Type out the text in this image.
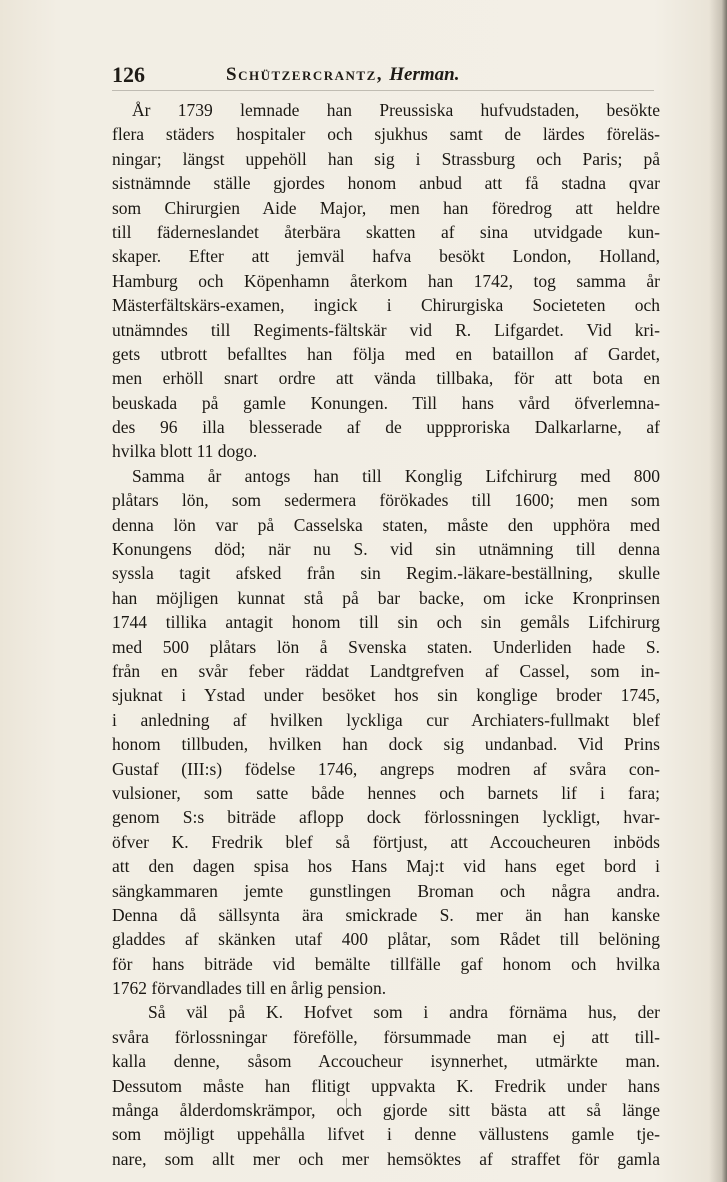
126	Schützercrantz, Herman.
År 1739 lemnade han Preussiska hufvudstaden, besökte
flera städers hospitaler och sjukhus samt de lärdes föreläs-
ningar; längst uppehöll han sig i Strassburg och Paris; på
sistnämnde ställe gjordes honom anbud att få stadna qvar
som Chirurgien Aide Major, men han föredrog att heldre
till fäderneslandet återbära skatten af sina utvidgade kun-
skaper. Efter att jemväl hafva besökt London, Holland,
Hamburg och Köpenhamn återkom han 1742, tog samma år
Mästerfältskärs-examen, ingick i Chirurgiska Societeten och
utnämndes till Regiments-fältskär vid R. Lifgardet. Vid kri-
gets utbrott befalltes han följa med en bataillon af Gardet,
men erhöll snart ordre att vända tillbaka, för att bota en
beuskada på gamle Konungen. Till hans vård öfverlemna-
des 96 illa blesserade af de uppproriska Dalkarlarne, af
hvilka blott 11 dogo.
Samma år antogs han till Konglig Lifchirurg med 800
plåtars lön, som sedermera förökades till 1600; men som
denna lön var på Casselska staten, måste den upphöra med
Konungens död; när nu S. vid sin utnämning till denna
syssla tagit afsked från sin Regim.-läkare-beställning, skulle
han möjligen kunnat stå på bar backe, om icke Kronprinsen
1744 tillika antagit honom till sin och sin gemåls Lifchirurg
med 500 plåtars lön å Svenska staten. Underliden hade S.
från en svår feber räddat Landtgrefven af Cassel, som in-
sjuknat i Ystad under besöket hos sin konglige broder 1745,
i anledning af hvilken lyckliga cur Archiaters-fullmakt blef
honom tillbuden, hvilken han dock sig undanbad. Vid Prins
Gustaf (III:s) födelse 1746, angreps modren af svåra con-
vulsioner, som satte både hennes och barnets lif i fara;
genom S:s biträde aflopp dock förlossningen lyckligt, hvar-
öfver K. Fredrik blef så förtjust, att Accoucheuren inböds
att den dagen spisa hos Hans Maj:t vid hans eget bord i
sängkammaren jemte gunstlingen Broman och några andra.
Denna då sällsynta ära smickrade S. mer än han kanske
gladdes af skänken utaf 400 plåtar, som Rådet till belöning
för hans biträde vid bemälte tillfälle gaf honom och hvilka
1762 förvandlades till en årlig pension.
Så väl på K. Hofvet som i andra förnäma hus, der
svåra förlossningar förefölle, försummade man ej att till-
kalla denne, såsom Accoucheur isynnerhet, utmärkte man.
Dessutom måste han flitigt uppvakta K. Fredrik under hans
många ålderdomskrämpor, och gjorde sitt bästa att så länge
som möjligt uppehålla lifvet i denne vällustens gamle tje-
nare, som allt mer och mer hemsöktes af straffet för gamla
